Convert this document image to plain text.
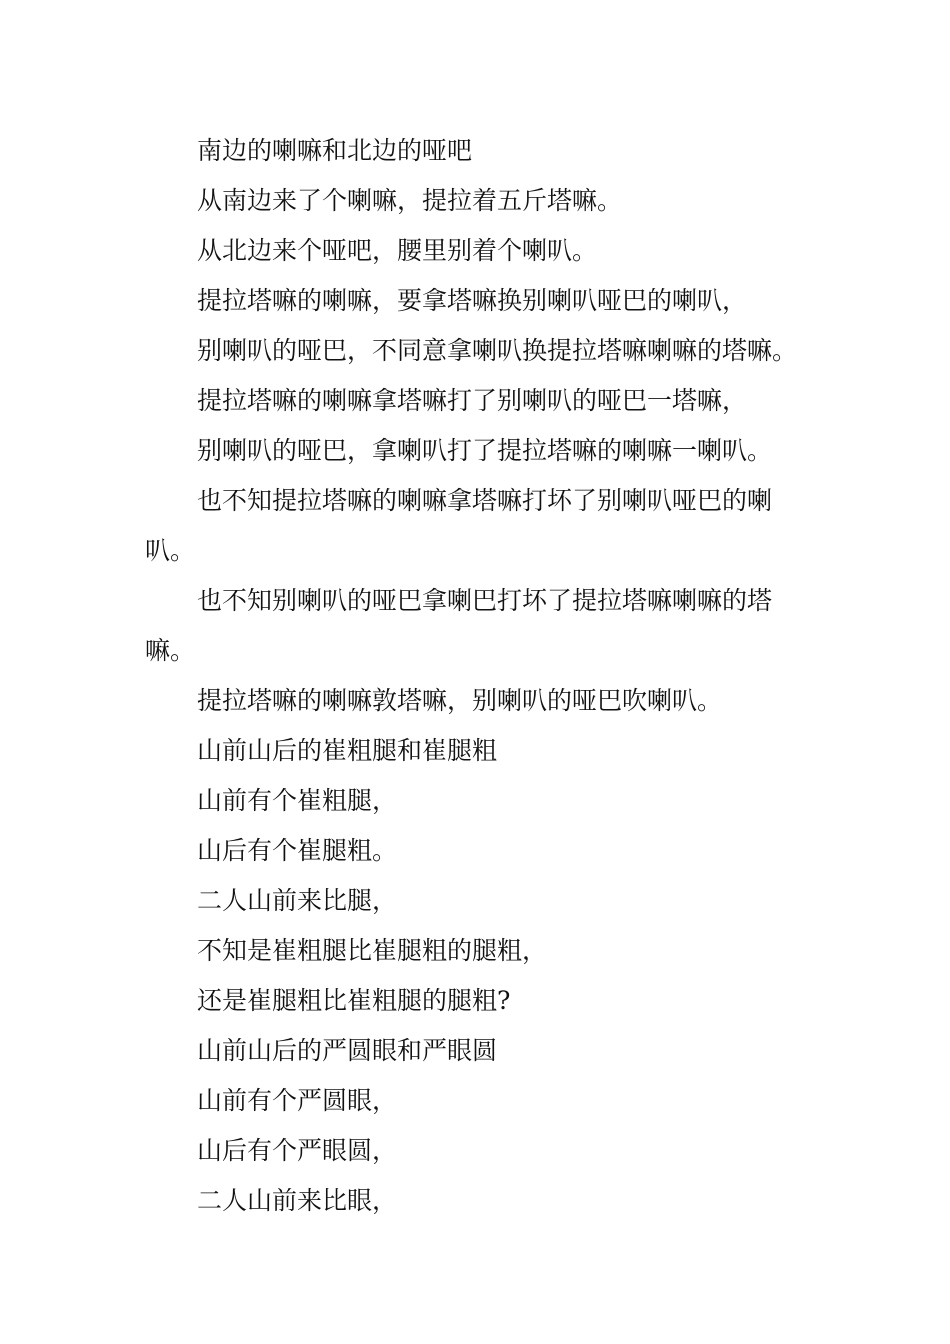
南边的喇嘛和北边的哑吧

从南边来了个喇嘛，提拉着五斤塔嘛。

从北边来个哑吧，腰里别着个喇叭。

提拉塔嘛的喇嘛，要拿塔嘛换别喇叭哑巴的喇叭，

别喇叭的哑巴，不同意拿喇叭换提拉塔嘛喇嘛的塔嘛。

提拉塔嘛的喇嘛拿塔嘛打了别喇叭的哑巴一塔嘛，

别喇叭的哑巴，拿喇叭打了提拉塔嘛的喇嘛一喇叭。

也不知提拉塔嘛的喇嘛拿塔嘛打坏了别喇叭哑巴的喇叭。

也不知别喇叭的哑巴拿喇巴打坏了提拉塔嘛喇嘛的塔嘛。

提拉塔嘛的喇嘛敦塔嘛，别喇叭的哑巴吹喇叭。

山前山后的崔粗腿和崔腿粗

山前有个崔粗腿，

山后有个崔腿粗。

二人山前来比腿，

不知是崔粗腿比崔腿粗的腿粗，

还是崔腿粗比崔粗腿的腿粗?

山前山后的严圆眼和严眼圆

山前有个严圆眼，

山后有个严眼圆，

二人山前来比眼，
